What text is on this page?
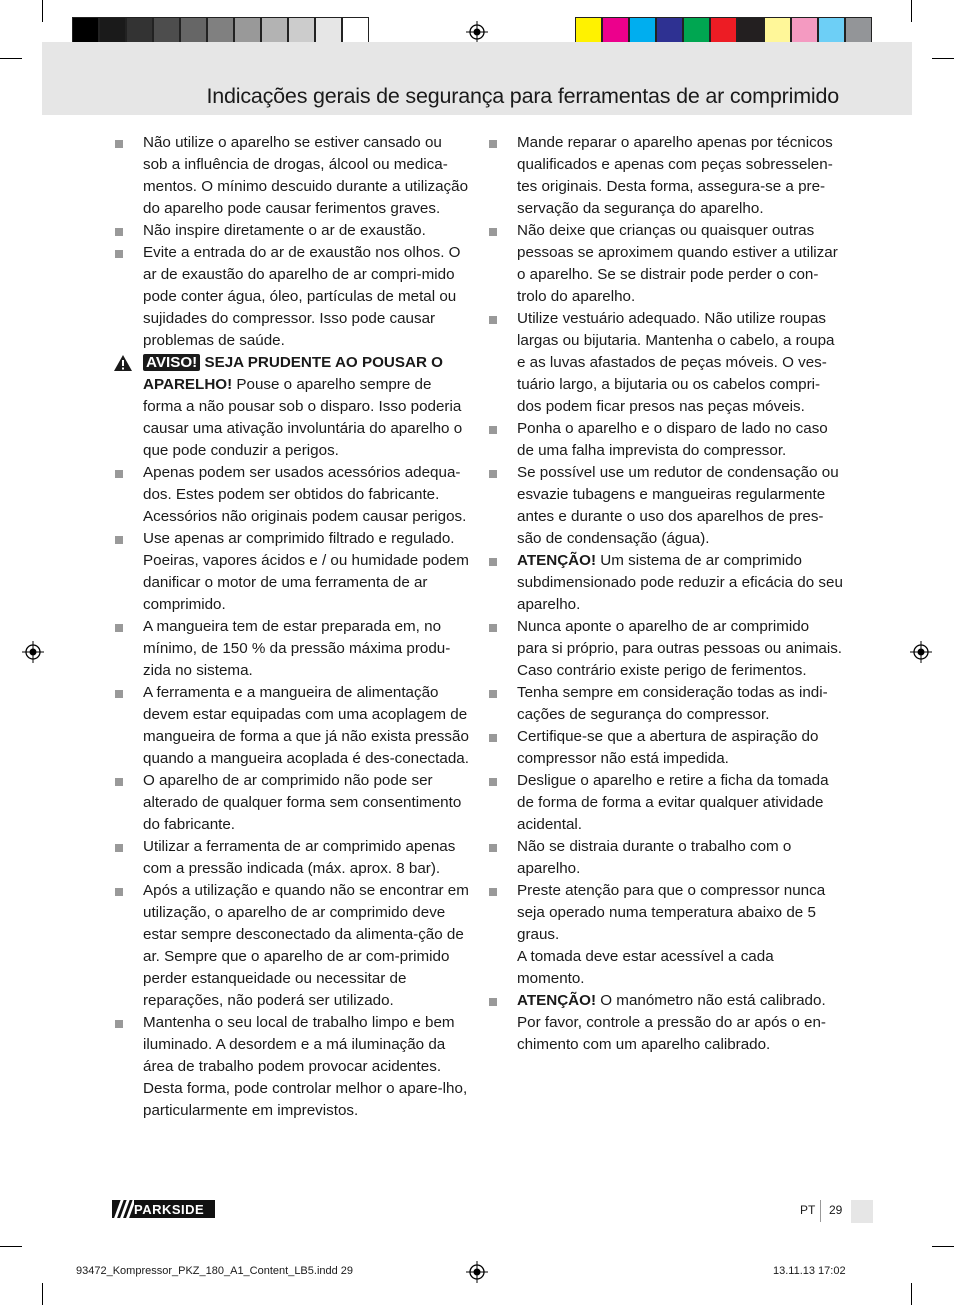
Indicações gerais de segurança para ferramentas de ar comprimido
Não utilize o aparelho se estiver cansado ou sob a influência de drogas, álcool ou medica-mentos. O mínimo descuido durante a utilização do aparelho pode causar ferimentos graves.
Não inspire diretamente o ar de exaustão.
Evite a entrada do ar de exaustão nos olhos. O ar de exaustão do aparelho de ar compri-mido pode conter água, óleo, partículas de metal ou sujidades do compressor. Isso pode causar problemas de saúde.
AVISO! SEJA PRUDENTE AO POUSAR O APARELHO! Pouse o aparelho sempre de forma a não pousar sob o disparo. Isso poderia causar uma ativação involuntária do aparelho o que pode conduzir a perigos.
Apenas podem ser usados acessórios adequa-dos. Estes podem ser obtidos do fabricante. Acessórios não originais podem causar perigos.
Use apenas ar comprimido filtrado e regulado. Poeiras, vapores ácidos e / ou humidade podem danificar o motor de uma ferramenta de ar comprimido.
A mangueira tem de estar preparada em, no mínimo, de 150 % da pressão máxima produ-zida no sistema.
A ferramenta e a mangueira de alimentação devem estar equipadas com uma acoplagem de mangueira de forma a que já não exista pressão quando a mangueira acoplada é des-conectada.
O aparelho de ar comprimido não pode ser alterado de qualquer forma sem consentimento do fabricante.
Utilizar a ferramenta de ar comprimido apenas com a pressão indicada (máx. aprox. 8 bar).
Após a utilização e quando não se encontrar em utilização, o aparelho de ar comprimido deve estar sempre desconectado da alimenta-ção de ar. Sempre que o aparelho de ar com-primido perder estanqueidade ou necessitar de reparações, não poderá ser utilizado.
Mantenha o seu local de trabalho limpo e bem iluminado. A desordem e a má iluminação da área de trabalho podem provocar acidentes. Desta forma, pode controlar melhor o apare-lho, particularmente em imprevistos.
Mande reparar o aparelho apenas por técnicos qualificados e apenas com peças sobresselen-tes originais. Desta forma, assegura-se a pre-servação da segurança do aparelho.
Não deixe que crianças ou quaisquer outras pessoas se aproximem quando estiver a utilizar o aparelho. Se se distrair pode perder o con-trolo do aparelho.
Utilize vestuário adequado. Não utilize roupas largas ou bijutaria. Mantenha o cabelo, a roupa e as luvas afastados de peças móveis. O ves-tuário largo, a bijutaria ou os cabelos compri-dos podem ficar presos nas peças móveis.
Ponha o aparelho e o disparo de lado no caso de uma falha imprevista do compressor.
Se possível use um redutor de condensação ou esvazie tubagens e mangueiras regularmente antes e durante o uso dos aparelhos de pres-são de condensação (água).
ATENÇÃO! Um sistema de ar comprimido subdimensionado pode reduzir a eficácia do seu aparelho.
Nunca aponte o aparelho de ar comprimido para si próprio, para outras pessoas ou animais. Caso contrário existe perigo de ferimentos.
Tenha sempre em consideração todas as indi-cações de segurança do compressor.
Certifique-se que a abertura de aspiração do compressor não está impedida.
Desligue o aparelho e retire a ficha da tomada de forma de forma a evitar qualquer atividade acidental.
Não se distraia durante o trabalho com o aparelho.
Preste atenção para que o compressor nunca seja operado numa temperatura abaixo de 5 graus.
A tomada deve estar acessível a cada momento.
ATENÇÃO! O manómetro não está calibrado. Por favor, controle a pressão do ar após o en-chimento com um aparelho calibrado.
PARKSIDE	PT 29
93472_Kompressor_PKZ_180_A1_Content_LB5.indd 29	13.11.13 17:02
